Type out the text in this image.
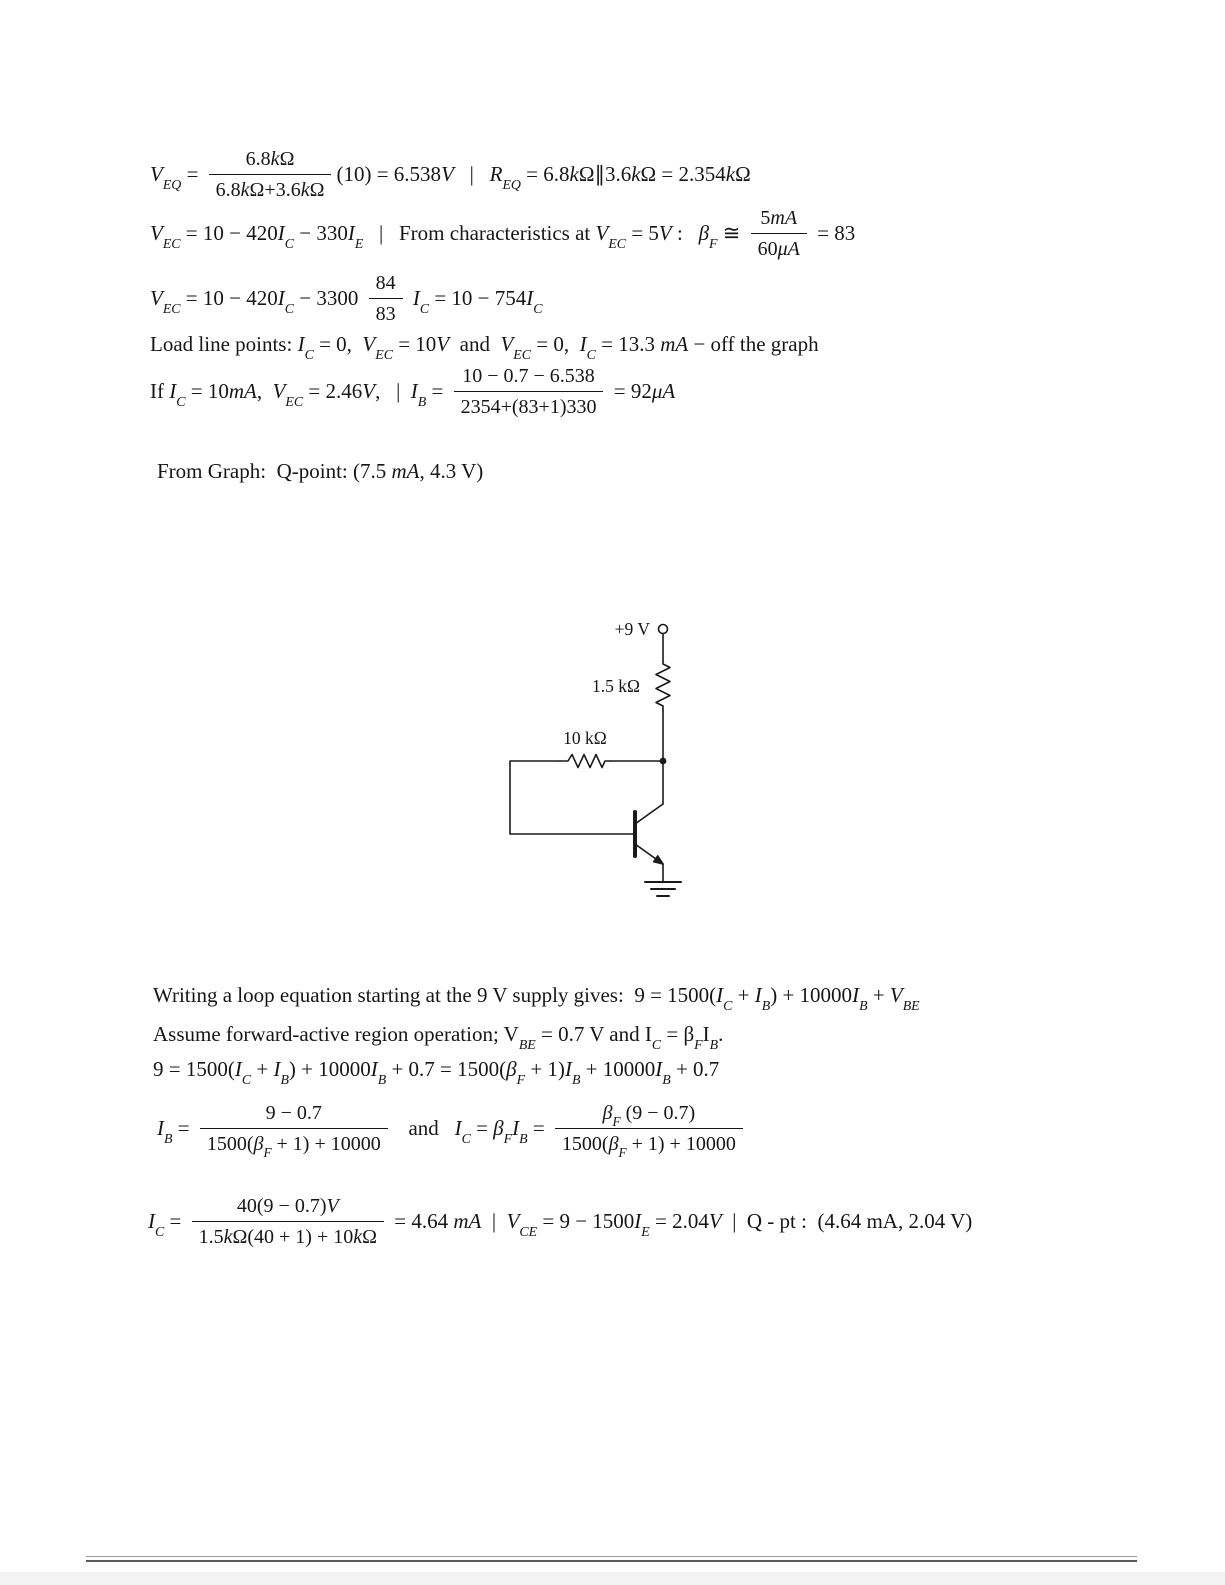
$V_{EQ} = \frac{6.8k\Omega}{6.8k\Omega+3.6k\Omega} (10) = 6.538V$   |   $R_{EQ}$ = 6.8kΩ∥3.6kΩ = 2.354kΩ
$V_{EC} = 10 - 420I_C - 330I_E$   |   From characteristics at $V_{EC} = 5V$ :   $\beta_F$ ≅ $\frac{5mA}{60\mu A} = 83$
$V_{EC} = 10 - 420I_C - 3300 \frac{84}{83} I_C = 10 - 754I_C$
Load line points: $I_C = 0$,  $V_{EC} = 10V$  and  $V_{EC} = 0$,  $I_C = 13.3$ mA − off the graph
If $I_C = 10mA$,  $V_{EC} = 2.46V$,   |  $I_B = \frac{10 - 0.7 - 6.538}{2354+(83+1)330} = 92\mu A$
From Graph:  Q-point: (7.5 mA, 4.3 V)
+9 V
1.5 kΩ
10 kΩ
Writing a loop equation starting at the 9 V supply gives:  $9 = 1500(I_C + I_B) + 10000I_B + V_{BE}$
Assume forward-active region operation; $V_{BE} = 0.7$ V and $I_C = \beta_FI_B$.
$9 = 1500(I_C + I_B) + 10000I_B + 0.7 = 1500(\beta_F + 1)I_B + 10000I_B + 0.7$
$I_B = \frac{9 - 0.7}{1500(\beta_F + 1) + 10000}$ and   $I_C = \beta_FI_B = \frac{\beta_F (9 - 0.7)}{1500(\beta_F + 1) + 10000}$
$I_C = \frac{40(9 - 0.7)V}{1.5k\Omega(40 + 1) + 10k\Omega} = 4.64$ mA  |  $V_{CE} = 9 - 1500I_E = 2.04V$  |  Q - pt :  (4.64 mA, 2.04 V)
